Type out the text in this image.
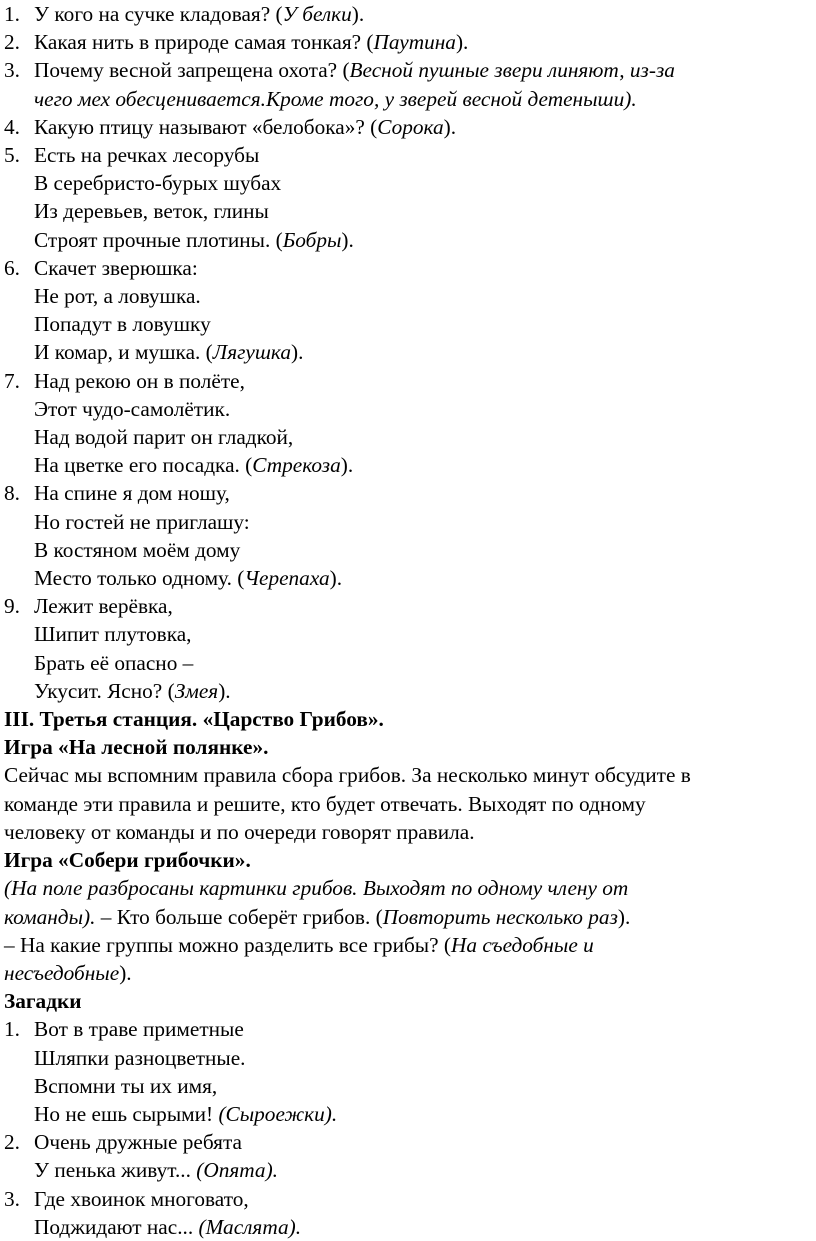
1. У кого на сучке кладовая? (У белки).
2. Какая нить в природе самая тонкая? (Паутина).
3. Почему весной запрещена охота? (Весной пушные звери линяют, из-за
чего мех обесценивается.Кроме того, у зверей весной детеныши).
4. Какую птицу называют «белобока»? (Сорока).
5. Есть на речках лесорубы
В серебристо-бурых шубах
Из деревьев, веток, глины
Строят прочные плотины. (Бобры).
6. Скачет зверюшка:
Не рот, а ловушка.
Попадут в ловушку
И комар, и мушка. (Лягушка).
7. Над рекою он в полёте,
Этот чудо-самолётик.
Над водой парит он гладкой,
На цветке его посадка. (Стрекоза).
8. На спине я дом ношу,
Но гостей не приглашу:
В костяном моём дому
Место только одному. (Черепаха).
9. Лежит верёвка,
Шипит плутовка,
Брать её опасно –
Укусит. Ясно? (Змея).
III. Третья станция. «Царство Грибов».
Игра «На лесной полянке».
Сейчас мы вспомним правила сбора грибов. За несколько минут обсудите в
команде эти правила и решите, кто будет отвечать. Выходят по одному
человеку от команды и по очереди говорят правила.
Игра «Собери грибочки».
(На поле разбросаны картинки грибов. Выходят по одному члену от
команды). – Кто больше соберёт грибов. (Повторить несколько раз).
– На какие группы можно разделить все грибы? (На съедобные и
несъедобные).
Загадки
1. Вот в траве приметные
Шляпки разноцветные.
Вспомни ты их имя,
Но не ешь сырыми! (Сыроежки).
2. Очень дружные ребята
У пенька живут... (Опята).
3. Где хвоинок многовато,
Поджидают нас... (Маслята).
